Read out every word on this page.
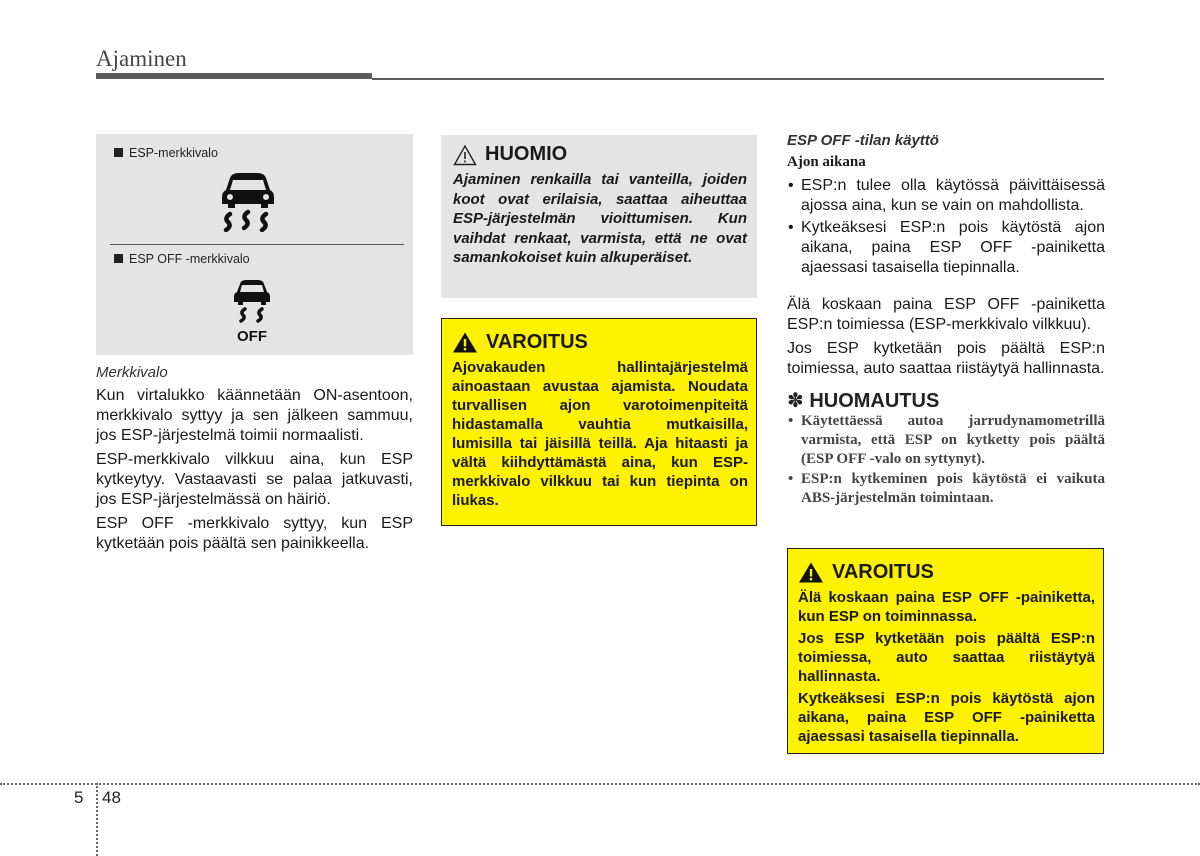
Ajaminen
ESP-merkkivalo
ESP OFF -merkkivalo
OFF
Merkkivalo

Kun virtalukko käännetään ON-asentoon, merkkivalo syttyy ja sen jälkeen sammuu, jos ESP-järjestelmä toimii normaalisti.

ESP-merkkivalo vilkkuu aina, kun ESP kytkeytyy. Vastaavasti se palaa jatkuvasti, jos ESP-järjestelmässä on häiriö.

ESP OFF -merkkivalo syttyy, kun ESP kytketään pois päältä sen painikkeella.

HUOMIO

Ajaminen renkailla tai vanteilla, joiden koot ovat erilaisia, saattaa aiheuttaa ESP-järjestelmän vioittumisen. Kun vaihdat renkaat, varmista, että ne ovat samankokoiset kuin alkuperäiset.

VAROITUS

Ajovakauden hallintajärjestelmä ainoastaan avustaa ajamista. Noudata turvallisen ajon varotoimenpiteitä hidastamalla vauhtia mutkaisilla, lumisilla tai jäisillä teillä. Aja hitaasti ja vältä kiihdyttämästä aina, kun ESP-merkkivalo vilkkuu tai kun tiepinta on liukas.

ESP OFF -tilan käyttö
Ajon aikana
• ESP:n tulee olla käytössä päivittäisessä ajossa aina, kun se vain on mahdollista.
• Kytkeäksesi ESP:n pois käytöstä ajon aikana, paina ESP OFF -painiketta ajaessasi tasaisella tiepinnalla.

Älä koskaan paina ESP OFF -painiketta ESP:n toimiessa (ESP-merkkivalo vilkkuu).

Jos ESP kytketään pois päältä ESP:n toimiessa, auto saattaa riistäytyä hallinnasta.

✽ HUOMAUTUS
• Käytettäessä autoa jarrudynamometrillä varmista, että ESP on kytketty pois päältä (ESP OFF -valo on syttynyt).
• ESP:n kytkeminen pois käytöstä ei vaikuta ABS-järjestelmän toimintaan.
VAROITUS

Älä koskaan paina ESP OFF -painiketta, kun ESP on toiminnassa.

Jos ESP kytketään pois päältä ESP:n toimiessa, auto saattaa riistäytyä hallinnasta.

Kytkeäksesi ESP:n pois käytöstä ajon aikana, paina ESP OFF -painiketta ajaessasi tasaisella tiepinnalla.

5 48
